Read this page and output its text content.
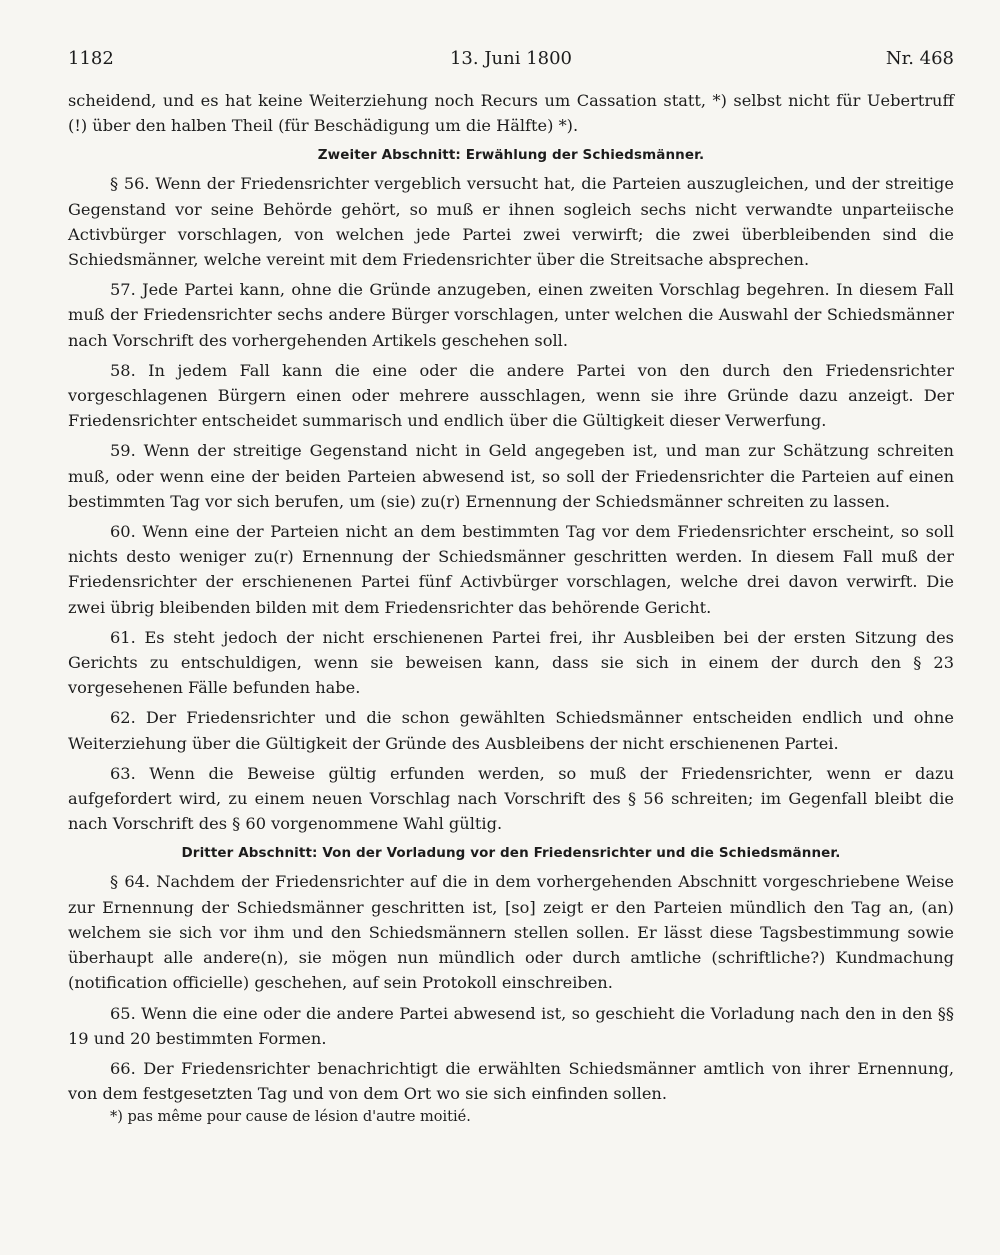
1182	13. Juni 1800	Nr. 468

scheidend, und es hat keine Weiterziehung noch Recurs um Cassation statt, *) selbst nicht für Uebertruff (!) über den halben Theil (für Beschädigung um die Hälfte) *).

Zweiter Abschnitt: Erwählung der Schiedsmänner.

§ 56. Wenn der Friedensrichter vergeblich versucht hat, die Parteien auszugleichen, und der streitige Gegenstand vor seine Behörde gehört, so muß er ihnen sogleich sechs nicht verwandte unparteiische Activbürger vorschlagen, von welchen jede Partei zwei verwirft; die zwei überbleibenden sind die Schiedsmänner, welche vereint mit dem Friedensrichter über die Streitsache absprechen.

57. Jede Partei kann, ohne die Gründe anzugeben, einen zweiten Vorschlag begehren. In diesem Fall muß der Friedensrichter sechs andere Bürger vorschlagen, unter welchen die Auswahl der Schiedsmänner nach Vorschrift des vorhergehenden Artikels geschehen soll.

58. In jedem Fall kann die eine oder die andere Partei von den durch den Friedensrichter vorgeschlagenen Bürgern einen oder mehrere ausschlagen, wenn sie ihre Gründe dazu anzeigt. Der Friedensrichter entscheidet summarisch und endlich über die Gültigkeit dieser Verwerfung.

59. Wenn der streitige Gegenstand nicht in Geld angegeben ist, und man zur Schätzung schreiten muß, oder wenn eine der beiden Parteien abwesend ist, so soll der Friedensrichter die Parteien auf einen bestimmten Tag vor sich berufen, um (sie) zu(r) Ernennung der Schiedsmänner schreiten zu lassen.

60. Wenn eine der Parteien nicht an dem bestimmten Tag vor dem Friedensrichter erscheint, so soll nichts desto weniger zu(r) Ernennung der Schiedsmänner geschritten werden. In diesem Fall muß der Friedensrichter der erschienenen Partei fünf Activbürger vorschlagen, welche drei davon verwirft. Die zwei übrig bleibenden bilden mit dem Friedensrichter das behörende Gericht.

61. Es steht jedoch der nicht erschienenen Partei frei, ihr Ausbleiben bei der ersten Sitzung des Gerichts zu entschuldigen, wenn sie beweisen kann, dass sie sich in einem der durch den § 23 vorgesehenen Fälle befunden habe.

62. Der Friedensrichter und die schon gewählten Schiedsmänner entscheiden endlich und ohne Weiterziehung über die Gültigkeit der Gründe des Ausbleibens der nicht erschienenen Partei.

63. Wenn die Beweise gültig erfunden werden, so muß der Friedensrichter, wenn er dazu aufgefordert wird, zu einem neuen Vorschlag nach Vorschrift des § 56 schreiten; im Gegenfall bleibt die nach Vorschrift des § 60 vorgenommene Wahl gültig.

Dritter Abschnitt: Von der Vorladung vor den Friedensrichter und die Schiedsmänner.

§ 64. Nachdem der Friedensrichter auf die in dem vorhergehenden Abschnitt vorgeschriebene Weise zur Ernennung der Schiedsmänner geschritten ist, [so] zeigt er den Parteien mündlich den Tag an, (an) welchem sie sich vor ihm und den Schiedsmännern stellen sollen. Er lässt diese Tagsbestimmung sowie überhaupt alle andere(n), sie mögen nun mündlich oder durch amtliche (schriftliche?) Kundmachung (notification officielle) geschehen, auf sein Protokoll einschreiben.

65. Wenn die eine oder die andere Partei abwesend ist, so geschieht die Vorladung nach den in den §§ 19 und 20 bestimmten Formen.

66. Der Friedensrichter benachrichtigt die erwählten Schiedsmänner amtlich von ihrer Ernennung, von dem festgesetzten Tag und von dem Ort wo sie sich einfinden sollen.

*) pas même pour cause de lésion d'autre moitié.
